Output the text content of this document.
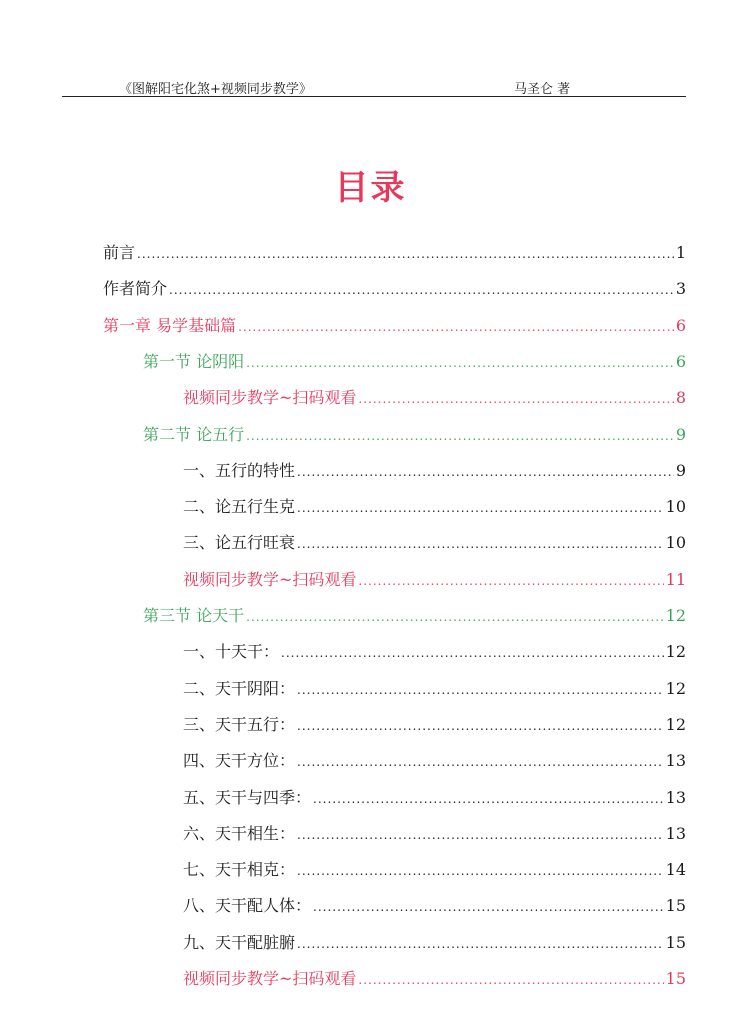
《图解阳宅化煞+视频同步教学》	马圣仑 著
目录
前言 .....	1
作者简介 .....	3
第一章 易学基础篇 .....	6
第一节 论阴阳 .....	6
视频同步教学~扫码观看 .....	8
第二节 论五行 .....	9
一、五行的特性 .....	9
二、论五行生克 .....	10
三、论五行旺衰 .....	10
视频同步教学~扫码观看 .....	11
第三节 论天干 .....	12
一、十天干： .....	12
二、天干阴阳： .....	12
三、天干五行： .....	12
四、天干方位： .....	13
五、天干与四季： .....	13
六、天干相生： .....	13
七、天干相克： .....	14
八、天干配人体： .....	15
九、天干配脏腑 .....	15
视频同步教学~扫码观看 .....	15
